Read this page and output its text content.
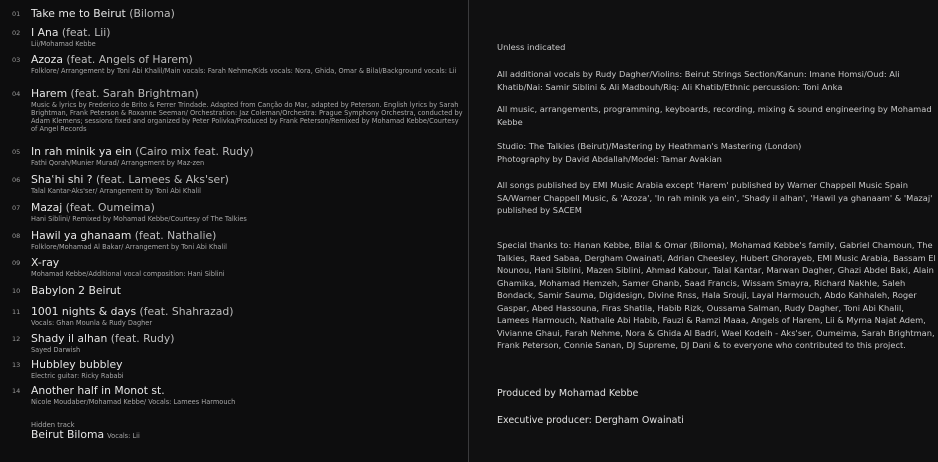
01 Take me to Beirut (Biloma)
02 I Ana (feat. Lii)
Lii/Mohamad Kebbe
03 Azoza (feat. Angels of Harem)
Folklore/ Arrangement by Toni Abi Khalil/Main vocals: Farah Nehme/Kids vocals: Nora, Ghida, Omar & Bilal/Background vocals: Lii
04 Harem (feat. Sarah Brightman)
Music & lyrics by Frederico de Brito & Ferrer Trindade. Adapted from Canção do Mar, adapted by Peterson. English lyrics by Sarah Brightman, Frank Peterson & Roxanne Seeman/ Orchestration: Jaz Coleman/Orchestra: Prague Symphony Orchestra, conducted by Adam Klemens; sessions fixed and organized by Peter Polivka/Produced by Frank Peterson/Remixed by Mohamad Kebbe/Courtesy of Angel Records
05 In rah minik ya ein (Cairo mix feat. Rudy)
Fathi Qorah/Munier Murad/ Arrangement by Maz-zen
06 Shaʿhi shi ? (feat. Lamees & Aks'ser)
Talal Kantar-Aks'ser/ Arrangement by Toni Abi Khalil
07 Mazaj (feat. Oumeima)
Hani Siblini/ Remixed by Mohamad Kebbe/Courtesy of The Talkies
08 Hawil ya ghanaam (feat. Nathalie)
Folklore/Mohamad Al Bakar/ Arrangement by Toni Abi Khalil
09 X-ray
Mohamad Kebbe/Additional vocal composition: Hani Siblini
10 Babylon 2 Beirut
11 1001 nights & days (feat. Shahrazad)
Vocals: Ghan Mounla & Rudy Dagher
12 Shady il alhan (feat. Rudy)
Sayed Darwish
13 Hubbley bubbley
Electric guitar: Ricky Rababi
14 Another half in Monot st.
Nicole Moudaber/Mohamad Kebbe/ Vocals: Lamees Harmouch
Hidden track
Beirut Biloma Vocals: Lii
Unless indicated
All additional vocals by Rudy Dagher/Violins: Beirut Strings Section/Kanun: Imane Homsi/Oud: Ali Khatib/Nai: Samir Siblini & Ali Madbouh/Riq: Ali Khatib/Ethnic percussion: Toni Anka
All music, arrangements, programming, keyboards, recording, mixing & sound engineering by Mohamad Kebbe
Studio: The Talkies (Beirut)/Mastering by Heathman's Mastering (London)
Photography by David Abdallah/Model: Tamar Avakian
All songs published by EMI Music Arabia except 'Harem' published by Warner Chappell Music Spain SA/Warner Chappell Music, & 'Azoza', 'In rah minik ya ein', 'Shady il alhan', 'Hawil ya ghanaam' & 'Mazaj' published by SACEM
Special thanks to: Hanan Kebbe, Bilal & Omar (Biloma), Mohamad Kebbe's family, Gabriel Chamoun, The Talkies, Raed Sabaa, Dergham Owainati, Adrian Cheesley, Hubert Ghorayeb, EMI Music Arabia, Bassam El Nounou, Hani Siblini, Mazen Siblini, Ahmad Kabour, Talal Kantar, Marwan Dagher, Ghazi Abdel Baki, Alain Ghamika, Mohamad Hemzeh, Samer Ghanb, Saad Francis, Wissam Smayra, Richard Nakhle, Saleh Bondack, Samir Sauma, Digidesign, Divine Rnss, Hala Srouji, Layal Harmouch, Abdo Kahhaleh, Roger Gaspar, Abed Hassouna, Firas Shatila, Habib Rizk, Oussama Salman, Rudy Dagher, Toni Abi Khalil, Lamees Harmouch, Nathalie Abi Habib, Fauzi & Ramzi Maaa, Angels of Harem, Lii & Myrna Najat Adem, Vivianne Ghaui, Farah Nehme, Nora & Ghida Al Badri, Wael Kodeih - Aks'ser, Oumeima, Sarah Brightman, Frank Peterson, Connie Sanan, DJ Supreme, DJ Dani & to everyone who contributed to this project.
Produced by Mohamad Kebbe
Executive producer: Dergham Owainati
